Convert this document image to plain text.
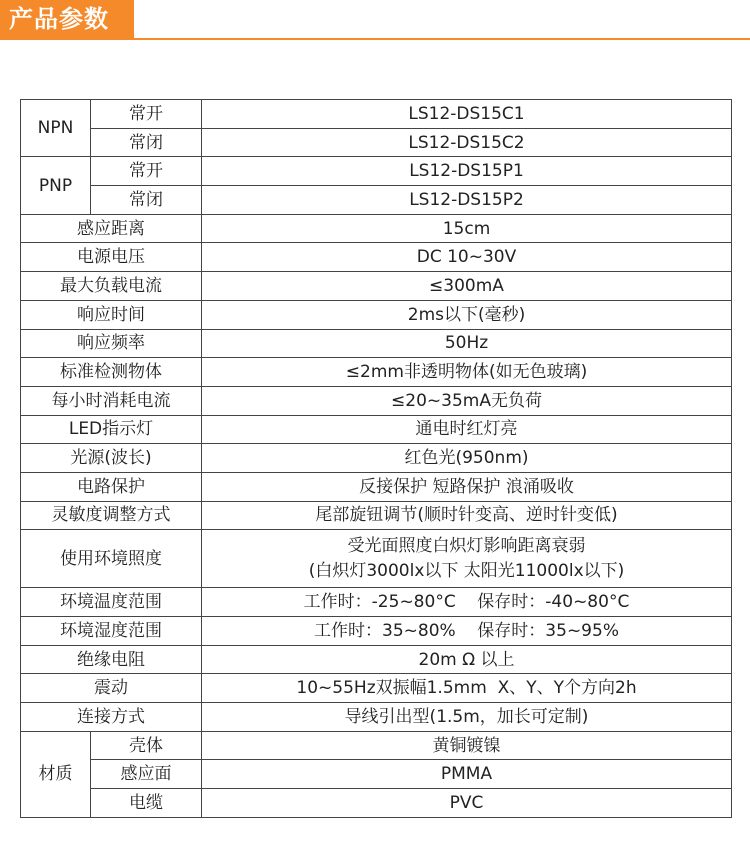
产品参数
NPN	常开	LS12-DS15C1
	常闭	LS12-DS15C2
PNP	常开	LS12-DS15P1
	常闭	LS12-DS15P2
感应距离		15cm
电源电压		DC 10~30V
最大负载电流		≤300mA
响应时间		2ms以下(毫秒)
响应频率		50Hz
标准检测物体		≤2mm非透明物体(如无色玻璃)
每小时消耗电流		≤20~35mA无负荷
LED指示灯		通电时红灯亮
光源(波长)		红色光(950nm)
电路保护		反接保护 短路保护 浪涌吸收
灵敏度调整方式		尾部旋钮调节(顺时针变高、逆时针变低)
使用环境照度		受光面照度白炽灯影响距离衰弱
(白炽灯3000lx以下 太阳光11000lx以下)

环境温度范围		工作时：-25~80°C    保存时：-40~80°C
环境湿度范围		工作时：35~80%    保存时：35~95%
绝缘电阻		20m Ω 以上
震动		10~55Hz双振幅1.5mm  X、Y、Y个方向2h
连接方式		导线引出型(1.5m，加长可定制)
材质	壳体	黄铜镀镍
	感应面	PMMA
	电缆	PVC
